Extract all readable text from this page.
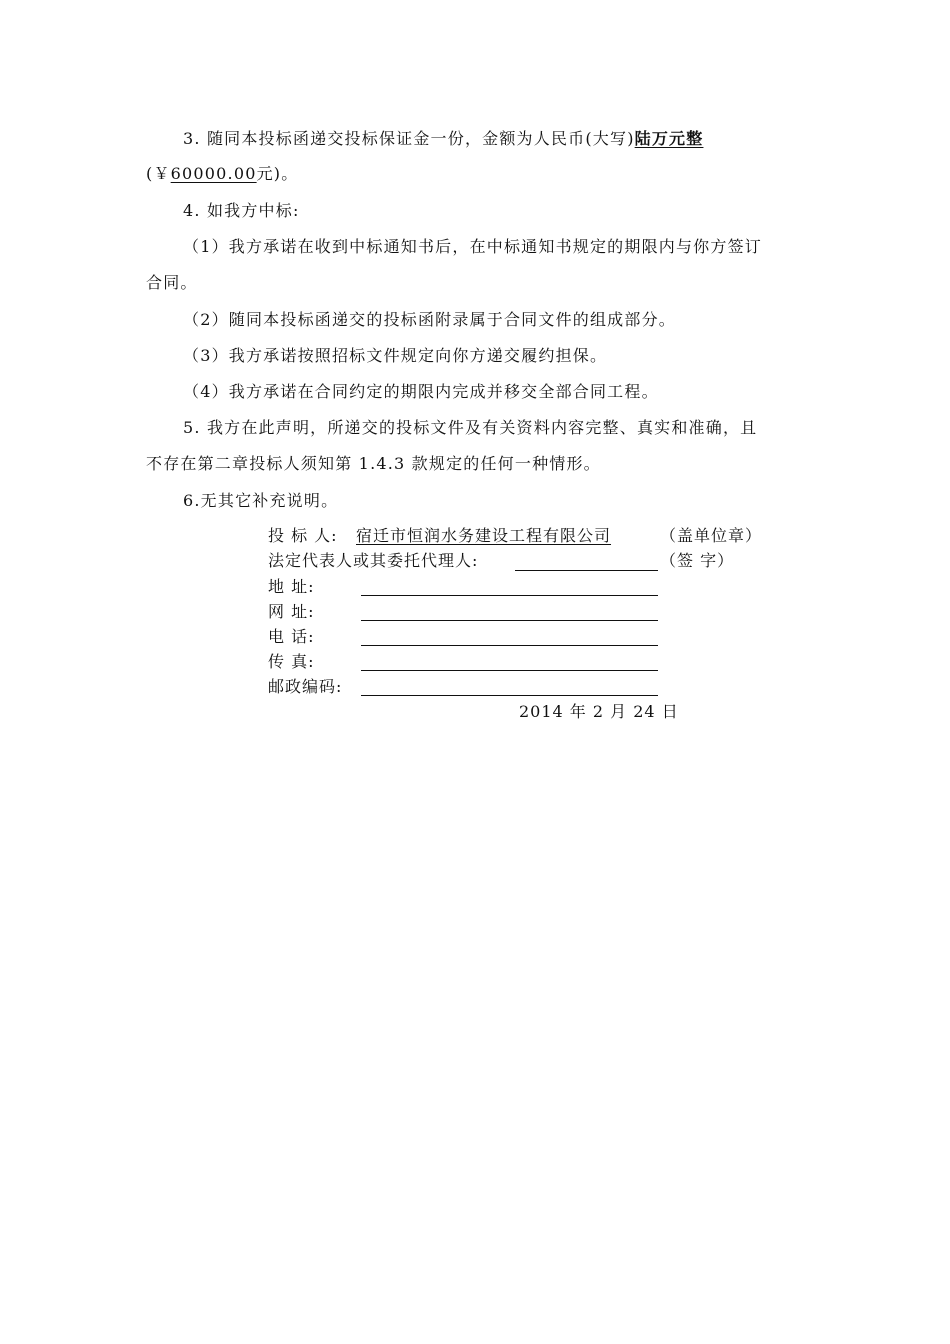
3. 随同本投标函递交投标保证金一份，金额为人民币(大写)陆万元整
(￥60000.00元)。
4. 如我方中标:
（1）我方承诺在收到中标通知书后，在中标通知书规定的期限内与你方签订
合同。
（2）随同本投标函递交的投标函附录属于合同文件的组成部分。
（3）我方承诺按照招标文件规定向你方递交履约担保。
（4）我方承诺在合同约定的期限内完成并移交全部合同工程。
5. 我方在此声明，所递交的投标文件及有关资料内容完整、真实和准确，且
不存在第二章投标人须知第 1.4.3 款规定的任何一种情形。
6.无其它补充说明。
投 标 人: 宿迁市恒润水务建设工程有限公司	（盖单位章）
法定代表人或其委托代理人:	（签 字）
地 址:
网 址:
电 话:
传 真:
邮政编码:
2014 年 2 月 24 日
